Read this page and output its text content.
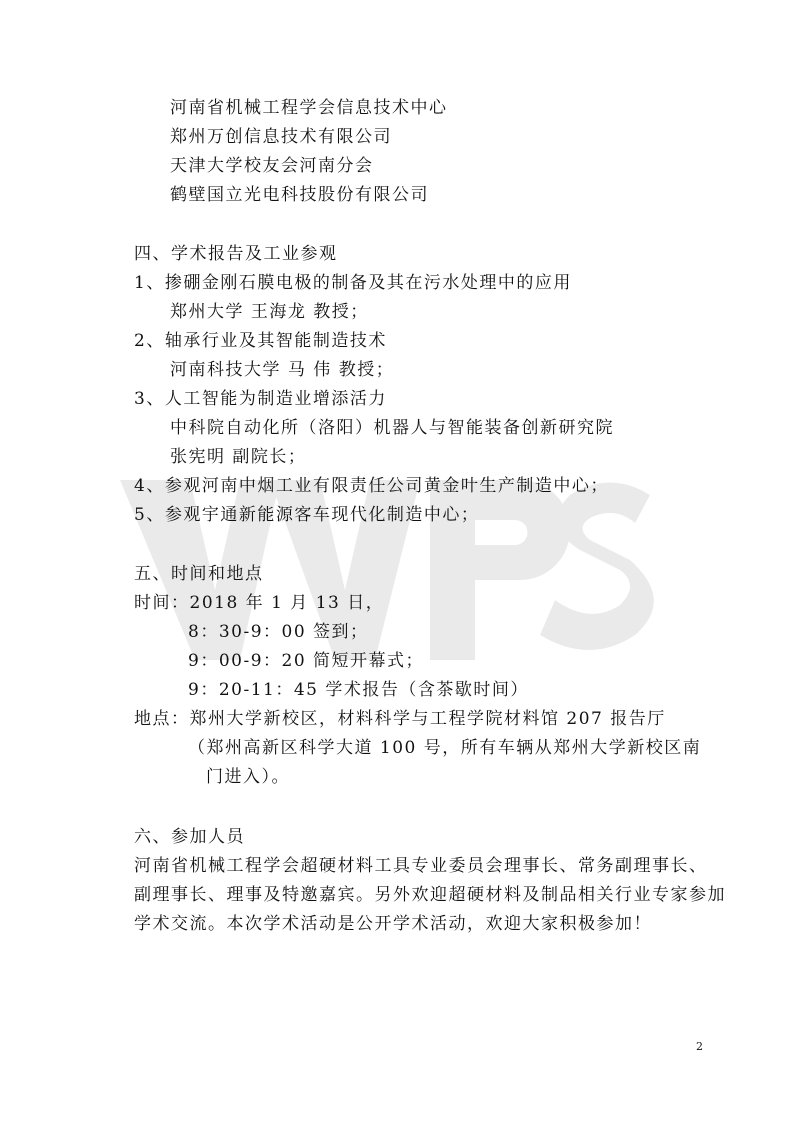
河南省机械工程学会信息技术中心
郑州万创信息技术有限公司
天津大学校友会河南分会
鹤壁国立光电科技股份有限公司
四、学术报告及工业参观
1、掺硼金刚石膜电极的制备及其在污水处理中的应用
郑州大学 王海龙 教授；
2、轴承行业及其智能制造技术
河南科技大学 马 伟 教授；
3、人工智能为制造业增添活力
中科院自动化所（洛阳）机器人与智能装备创新研究院
张宪明 副院长；
4、参观河南中烟工业有限责任公司黄金叶生产制造中心；
5、参观宇通新能源客车现代化制造中心；
五、时间和地点
时间：2018 年 1 月 13 日，
8：30-9：00 签到；
9：00-9：20 简短开幕式；
9：20-11：45 学术报告（含茶歇时间）
地点：郑州大学新校区，材料科学与工程学院材料馆 207 报告厅
（郑州高新区科学大道 100 号，所有车辆从郑州大学新校区南
门进入）。
六、参加人员
河南省机械工程学会超硬材料工具专业委员会理事长、常务副理事长、
副理事长、理事及特邀嘉宾。另外欢迎超硬材料及制品相关行业专家参加
学术交流。本次学术活动是公开学术活动，欢迎大家积极参加！
2
